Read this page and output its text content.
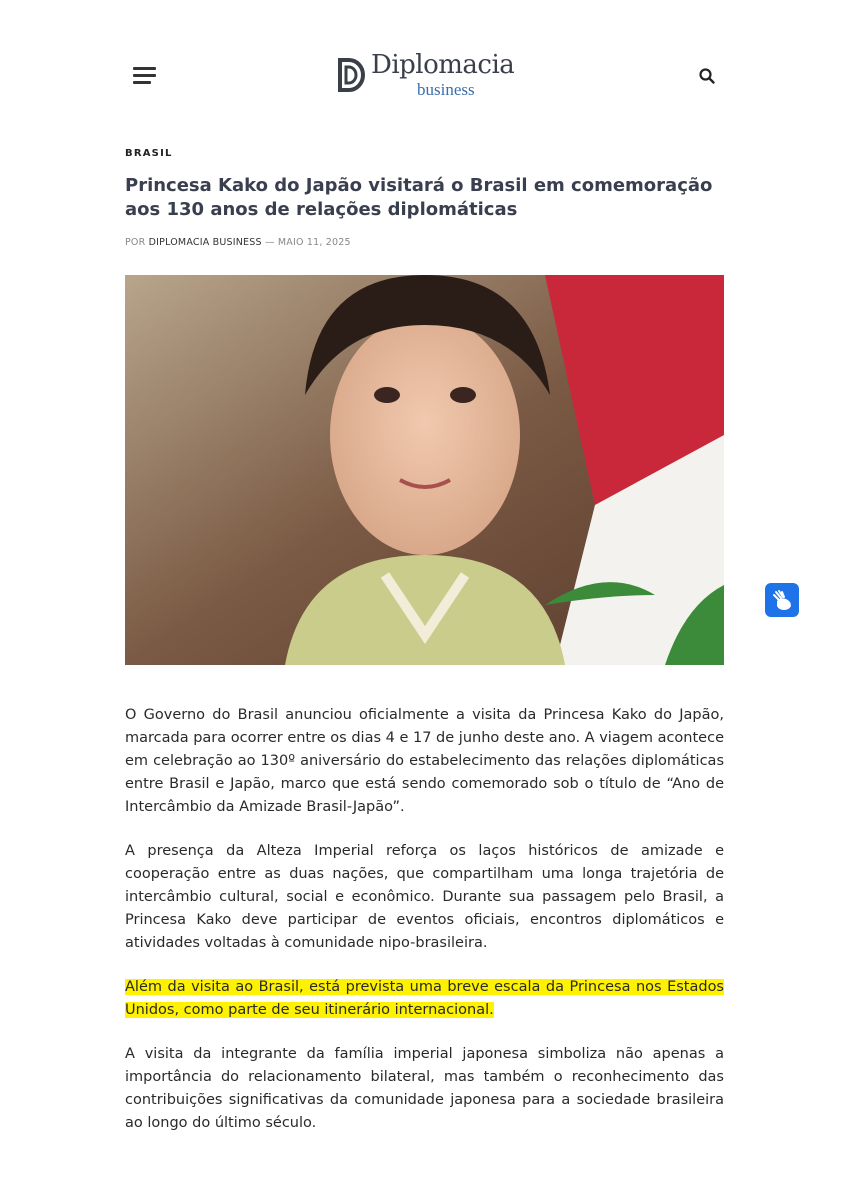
Diplomacia
business
BRASIL
Princesa Kako do Japão visitará o Brasil em comemoração aos 130 anos de relações diplomáticas
POR DIPLOMACIA BUSINESS — MAIO 11, 2025

O Governo do Brasil anunciou oficialmente a visita da Princesa Kako do Japão, marcada para ocorrer entre os dias 4 e 17 de junho deste ano. A viagem acontece em celebração ao 130º aniversário do estabelecimento das relações diplomáticas entre Brasil e Japão, marco que está sendo comemorado sob o título de “Ano de Intercâmbio da Amizade Brasil-Japão”.

A presença da Alteza Imperial reforça os laços históricos de amizade e cooperação entre as duas nações, que compartilham uma longa trajetória de intercâmbio cultural, social e econômico. Durante sua passagem pelo Brasil, a Princesa Kako deve participar de eventos oficiais, encontros diplomáticos e atividades voltadas à comunidade nipo-brasileira.

Além da visita ao Brasil, está prevista uma breve escala da Princesa nos Estados Unidos, como parte de seu itinerário internacional.

A visita da integrante da família imperial japonesa simboliza não apenas a importância do relacionamento bilateral, mas também o reconhecimento das contribuições significativas da comunidade japonesa para a sociedade brasileira ao longo do último século.
